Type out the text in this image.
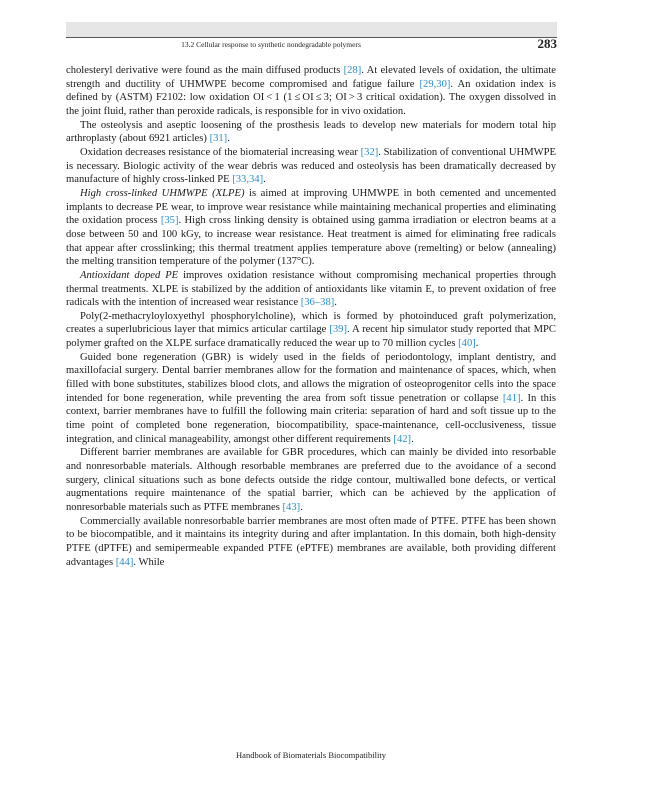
13.2 Cellular response to synthetic nondegradable polymers	283

cholesteryl derivative were found as the main diffused products [28]. At elevated levels of oxidation, the ultimate strength and ductility of UHMWPE become compromised and fatigue failure [29,30]. An oxidation index is defined by (ASTM) F2102: low oxidation OI < 1 (1 ≤ OI ≤ 3; OI > 3 critical oxidation). The oxygen dissolved in the joint fluid, rather than peroxide radicals, is responsible for in vivo oxidation.

The osteolysis and aseptic loosening of the prosthesis leads to develop new materials for modern total hip arthroplasty (about 6921 articles) [31].

Oxidation decreases resistance of the biomaterial increasing wear [32]. Stabilization of conventional UHMWPE is necessary. Biologic activity of the wear debris was reduced and osteolysis has been dramatically decreased by manufacture of highly cross-linked PE [33,34].

High cross-linked UHMWPE (XLPE) is aimed at improving UHMWPE in both cemented and uncemented implants to decrease PE wear, to improve wear resistance while maintaining mechanical properties and eliminating the oxidation process [35]. High cross linking density is obtained using gamma irradiation or electron beams at a dose between 50 and 100 kGy, to increase wear resistance. Heat treatment is aimed for eliminating free radicals that appear after crosslinking; this thermal treatment applies temperature above (remelting) or below (annealing) the melting transition temperature of the polymer (137°C).

Antioxidant doped PE improves oxidation resistance without compromising mechanical properties through thermal treatments. XLPE is stabilized by the addition of antioxidants like vitamin E, to prevent oxidation of free radicals with the intention of increased wear resistance [36–38].

Poly(2-methacryloyloxyethyl phosphorylcholine), which is formed by photoinduced graft polymerization, creates a superlubricious layer that mimics articular cartilage [39]. A recent hip simulator study reported that MPC polymer grafted on the XLPE surface dramatically reduced the wear up to 70 million cycles [40].

Guided bone regeneration (GBR) is widely used in the fields of periodontology, implant dentistry, and maxillofacial surgery. Dental barrier membranes allow for the formation and maintenance of spaces, which, when filled with bone substitutes, stabilizes blood clots, and allows the migration of osteoprogenitor cells into the space intended for bone regeneration, while preventing the area from soft tissue penetration or collapse [41]. In this context, barrier membranes have to fulfill the following main criteria: separation of hard and soft tissue up to the time point of completed bone regeneration, biocompatibility, space-maintenance, cell-occlusiveness, tissue integration, and clinical manageability, amongst other different requirements [42].

Different barrier membranes are available for GBR procedures, which can mainly be divided into resorbable and nonresorbable materials. Although resorbable membranes are preferred due to the avoidance of a second surgery, clinical situations such as bone defects outside the ridge contour, multiwalled bone defects, or vertical augmentations require maintenance of the spatial barrier, which can be achieved by the application of nonresorbable materials such as PTFE membranes [43].

Commercially available nonresorbable barrier membranes are most often made of PTFE. PTFE has been shown to be biocompatible, and it maintains its integrity during and after implantation. In this domain, both high-density PTFE (dPTFE) and semipermeable expanded PTFE (ePTFE) membranes are available, both providing different advantages [44]. While

Handbook of Biomaterials Biocompatibility
